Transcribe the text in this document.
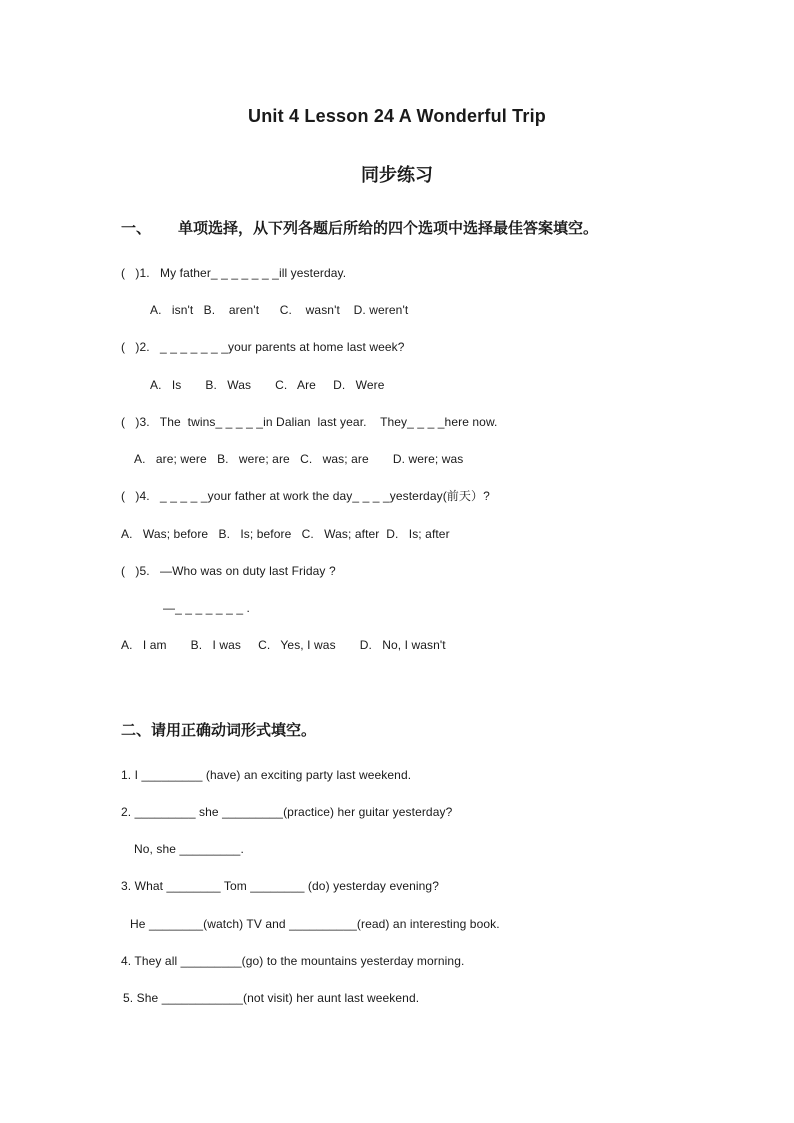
Unit 4 Lesson 24 A Wonderful Trip
同步练习
一、 单项选择，从下列各题后所给的四个选项中选择最佳答案填空。
(   )1.   My father_ _ _ _ _ _ _ill yesterday.
A.   isn't   B.    aren't      C.    wasn't    D. weren't
(   )2.   _ _ _ _ _ _ _your parents at home last week?
A.   Is       B.   Was       C.   Are     D.   Were
(   )3.   The  twins_ _ _ _ _in Dalian  last year.    They_ _ _ _here now.
A.   are; were   B.   were; are   C.   was; are       D. were; was
(   )4.   _ _ _ _ _your father at work the day_ _ _ _yesterday(前天）?
A.   Was; before   B.   Is; before   C.   Was; after  D.   Is; after
(   )5.   —Who was on duty last Friday ?
—_ _ _ _ _ _ _ .
A.   I am       B.   I was     C.   Yes, I was       D.   No, I wasn't
二、请用正确动词形式填空。
1. I _________ (have) an exciting party last weekend.
2. _________ she _________(practice) her guitar yesterday?
No, she _________.
3. What ________ Tom ________ (do) yesterday evening?
He ________(watch) TV and __________(read) an interesting book.
4. They all _________(go) to the mountains yesterday morning.
5. She ____________(not visit) her aunt last weekend.
